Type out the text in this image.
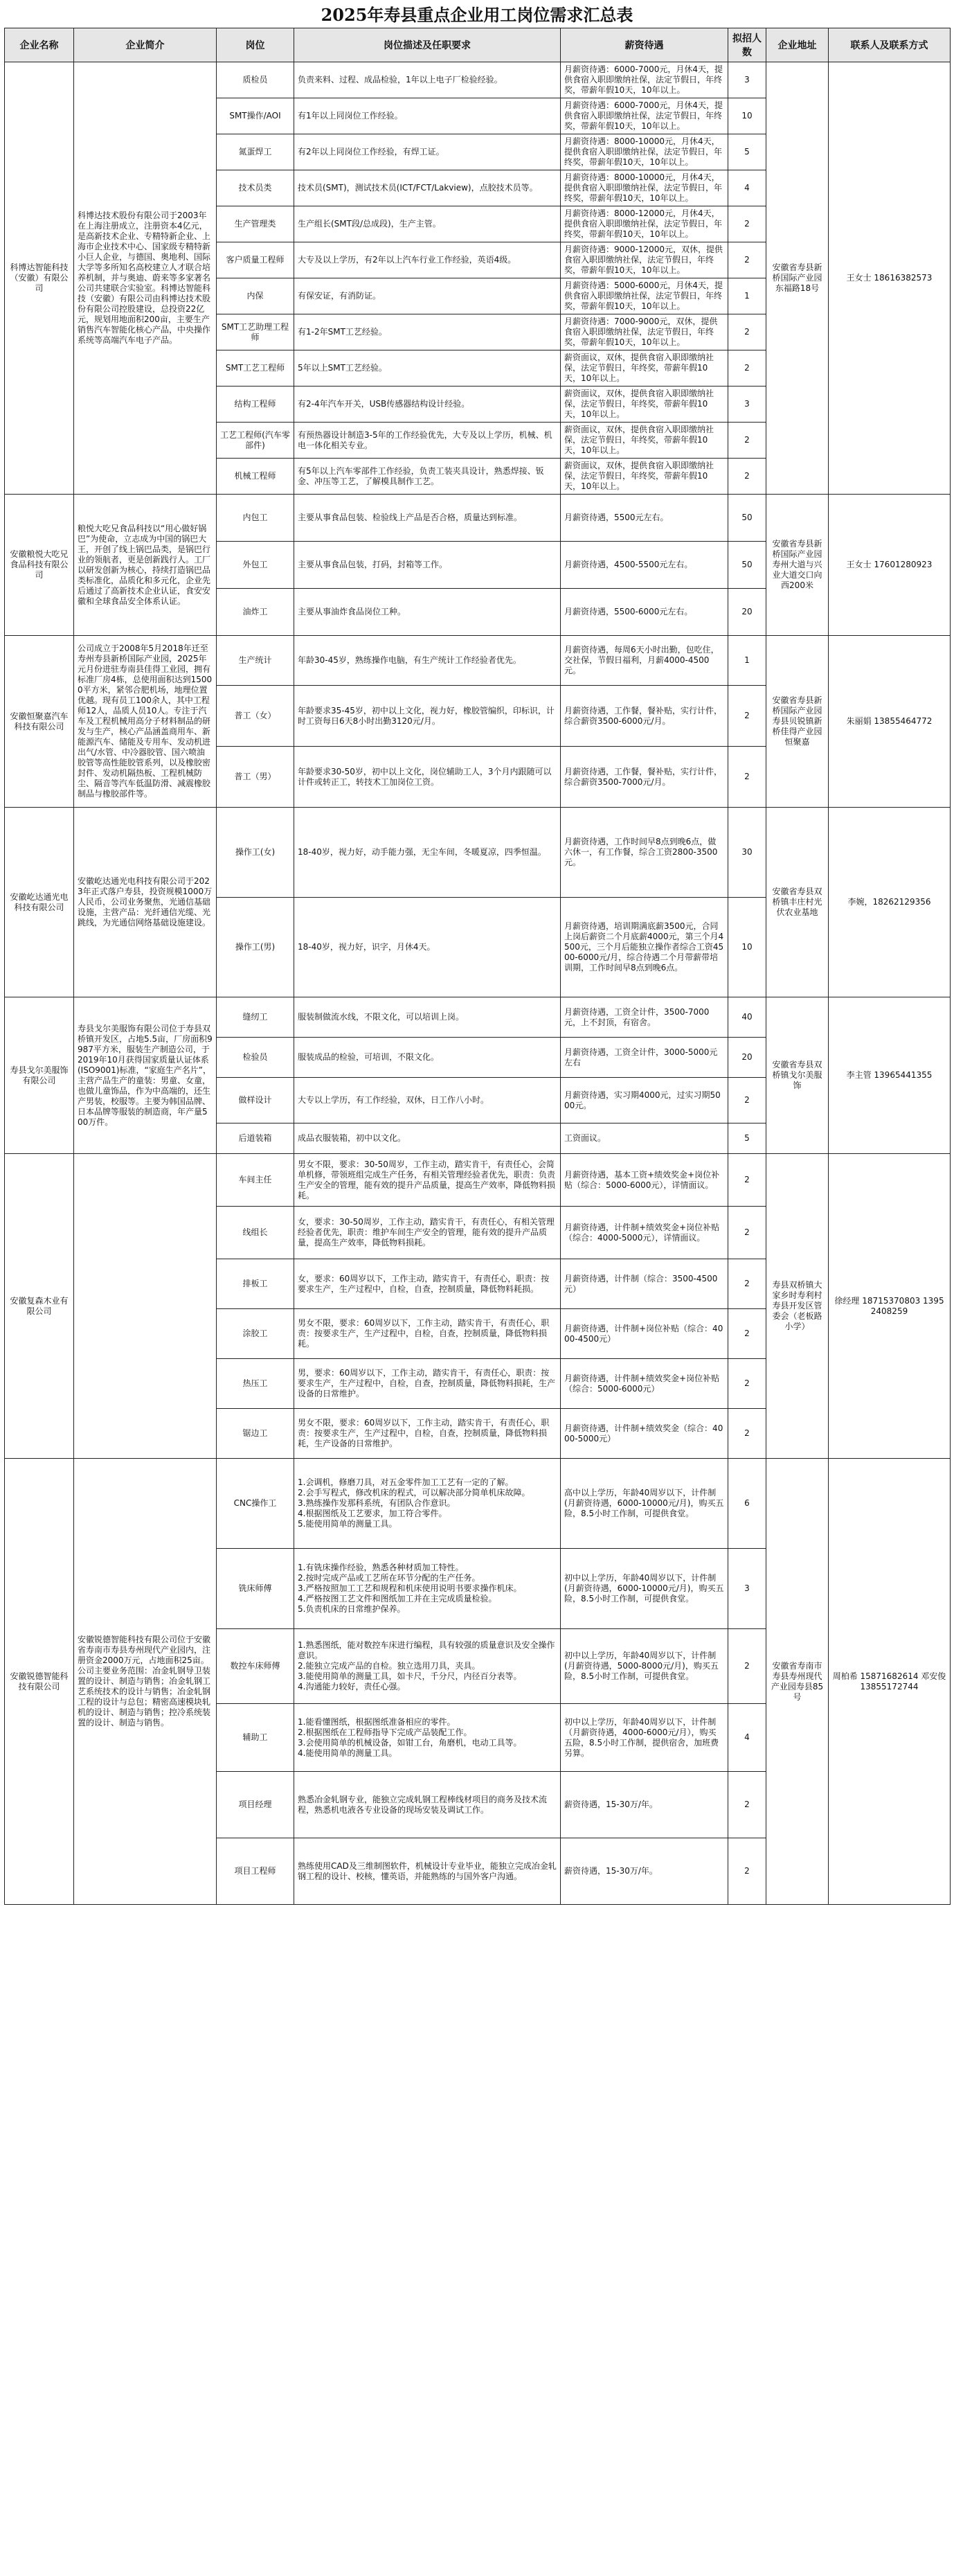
2025年寿县重点企业用工岗位需求汇总表
企业名称	企业简介	岗位	岗位描述及任职要求	薪资待遇	拟招人数	企业地址	联系人及联系方式
科博达智能科技（安徽）有限公司	科博达技术股份有限公司于2003年在上海注册成立，注册资本4亿元，是高新技术企业、专精特新企业、上海市企业技术中心、国家级专精特新小巨人企业，与德国、奥地利、国际大学等多所知名高校建立人才联合培养机制，并与奥迪、蔚来等多家著名公司共建联合实验室。科博达智能科技（安徽）有限公司由科博达技术股份有限公司控股建设，总投资22亿元，规划用地面积200亩，主要生产销售汽车智能化核心产品，中央操作系统等高端汽车电子产品。	质检员	负责来料、过程、成品检验，1年以上电子厂检验经验。	月薪资待遇：6000-7000元，月休4天，提供食宿入职即缴纳社保，法定节假日，年终奖，带薪年假10天，10年以上。	3	安徽省寿县新桥国际产业园东福路18号	王女士 18616382573
		SMT操作/AOI	有1年以上同岗位工作经验。	月薪资待遇：6000-7000元，月休4天，提供食宿入职即缴纳社保，法定节假日，年终奖，带薪年假10天，10年以上。	10		
		氮蛋焊工	有2年以上同岗位工作经验，有焊工证。	月薪资待遇：8000-10000元，月休4天，提供食宿入职即缴纳社保，法定节假日，年终奖，带薪年假10天，10年以上。	5		
		技术员类	技术员(SMT)，测试技术员(ICT/FCT/Lakview)，点胶技术员等。	月薪资待遇：8000-10000元，月休4天，提供食宿入职即缴纳社保，法定节假日，年终奖，带薪年假10天，10年以上。	4		
		生产管理类	生产组长(SMT段/总成段)，生产主管。	月薪资待遇：8000-12000元，月休4天，提供食宿入职即缴纳社保，法定节假日，年终奖，带薪年假10天，10年以上。	2		
		客户质量工程师	大专及以上学历，有2年以上汽车行业工作经验，英语4级。	月薪资待遇：9000-12000元，双休，提供食宿入职即缴纳社保，法定节假日，年终奖，带薪年假10天，10年以上。	2		
		内保	有保安证，有消防证。	月薪资待遇：5000-6000元，月休4天，提供食宿入职即缴纳社保，法定节假日，年终奖，带薪年假10天，10年以上。	1		
		SMT工艺助理工程师	有1-2年SMT工艺经验。	月薪资待遇：7000-9000元，双休，提供食宿入职即缴纳社保，法定节假日，年终奖，带薪年假10天，10年以上。	2		
		SMT工艺工程师	5年以上SMT工艺经验。	薪资面议，双休，提供食宿入职即缴纳社保，法定节假日，年终奖，带薪年假10天，10年以上。	2		
		结构工程师	有2-4年汽车开关，USB传感器结构设计经验。	薪资面议，双休，提供食宿入职即缴纳社保，法定节假日，年终奖，带薪年假10天，10年以上。	3		
		工艺工程师(汽车零部件)	有预热器设计制造3-5年的工作经验优先，大专及以上学历，机械、机电一体化相关专业。	薪资面议，双休，提供食宿入职即缴纳社保，法定节假日，年终奖，带薪年假10天，10年以上。	2		
		机械工程师	有5年以上汽车零部件工作经验，负责工装夹具设计，熟悉焊接、钣金、冲压等工艺，了解模具制作工艺。	薪资面议，双休，提供食宿入职即缴纳社保，法定节假日，年终奖，带薪年假10天，10年以上。	2		
安徽粮悦大吃兄食品科技有限公司	粮悦大吃兄食品科技以“用心做好锅巴”为使命，立志成为中国的锅巴大王，开创了线上锅巴品类，是锅巴行业的领航者，更是创新践行人。工厂以研发创新为核心，持续打造锅巴品类标准化，品质化和多元化，企业先后通过了高新技术企业认证，食安安徽和全球食品安全体系认证。	内包工	主要从事食品包装、检验线上产品是否合格，质量达到标准。	月薪资待遇，5500元左右。	50	安徽省寿县新桥国际产业园寿州大道与兴业大道交口向西200米	王女士 17601280923
		外包工	主要从事食品包装，打码，封箱等工作。	月薪资待遇，4500-5500元左右。	50		
		油炸工	主要从事油炸食品岗位工种。	月薪资待遇，5500-6000元左右。	20		
安徽恒聚嘉汽车科技有限公司	公司成立于2008年5月2018年迁至寿州寿县新桥国际产业园，2025年元月份进驻寿南县佳得工业园，拥有标准厂房4栋，总使用面积达到15000平方米，紧邻合肥机场，地理位置优越。现有员工100余人，其中工程师12人，品质人员10人。专注于汽车及工程机械用高分子材料制品的研发与生产，核心产品涵盖商用车、新能源汽车、储能及专用车、发动机进出气/水管、中冷器胶管、国六喷油胶管等高性能胶管系列，以及橡胶密封件、发动机隔热板、工程机械防尘、隔音等汽车低温防滑、减震橡胶制品与橡胶部件等。	生产统计	年龄30-45岁，熟练操作电脑，有生产统计工作经验者优先。	月薪资待遇，每周6天小时出勤，包吃住，交社保，节假日福利，月薪4000-4500元。	1	安徽省寿县新桥国际产业园寿县贝锐镇新桥佳得产业园恒聚嘉	朱丽娟 13855464772
		普工（女）	年龄要求35-45岁，初中以上文化，视力好，橡胶管编织，印标识，计时工资每日6天8小时出勤3120元/月。	月薪资待遇，工作餐，餐补贴，实行计件，综合薪资3500-6000元/月。	2		
		普工（男）	年龄要求30-50岁，初中以上文化，岗位辅助工人，3个月内跟随可以计件或转正工，转技术工加岗位工资。	月薪资待遇，工作餐，餐补贴，实行计件，综合薪资3500-7000元/月。	2		
安徽屹达通光电科技有限公司	安徽屹达通光电科技有限公司于2023年正式落户寿县，投资规模1000万人民币，公司业务聚焦，光通信基础设施，主营产品：光纤通信光缆、光跳线，为光通信网络基础设施建设。	操作工(女)	18-40岁，视力好，动手能力强，无尘车间，冬暖夏凉，四季恒温。	月薪资待遇，工作时间早8点到晚6点，做六休一，有工作餐，综合工资2800-3500元。	30	安徽省寿县双桥镇丰庄村光伏农业基地	李婉，18262129356
		操作工(男)	18-40岁，视力好，识字，月休4天。	月薪资待遇，培训期满底薪3500元，合同上岗后薪资二个月底薪4000元，第三个月4500元，三个月后能独立操作者综合工资4500-6000元/月，综合待遇二个月带薪带培训期，工作时间早8点到晚6点。	10		
寿县戈尔美服饰有限公司	寿县戈尔美服饰有限公司位于寿县双桥镇开发区，占地5.5亩，厂房面积9987平方米，服装生产制造公司，于2019年10月获得国家质量认证体系(ISO9001)标准，“家庭生产名片”，主营产品生产的童装：男童、女童，也做儿童饰品，作为中高端的，还生产男装，校服等。主要为韩国品牌、日本品牌等服装的制造商，年产量500万件。	缝纫工	服装制做流水线，不限文化，可以培训上岗。	月薪资待遇，工资全计件，3500-7000元，上不封顶，有宿舍。	40	安徽省寿县双桥镇戈尔美服饰	李主管 13965441355
		检验员	服装成品的检验，可培训，不限文化。	月薪资待遇，工资全计件，3000-5000元左右	20		
		做样设计	大专以上学历，有工作经验，双休，日工作八小时。	月薪资待遇，实习期4000元，过实习期5000元。	2		
		后道装箱	成品衣服装箱，初中以文化。	工资面议。	5		
安徽复森木业有限公司		车间主任	男女不限，要求：30-50周岁，工作主动，踏实肯干，有责任心，会简单机修，带领班组完成生产任务，有相关管理经验者优先，职责：负责生产安全的管理，能有效的提升产品质量，提高生产效率，降低物料损耗。	月薪资待遇，基本工资+绩效奖金+岗位补贴（综合：5000-6000元），详情面议。	2	寿县双桥镇大家乡时寿利村寿县开发区管委会（老板路小学）	徐经理 18715370803 13952408259
		线组长	女，要求：30-50周岁，工作主动，踏实肯干，有责任心，有相关管理经验者优先，职责：维护车间生产安全的管理，能有效的提升产品质量，提高生产效率，降低物料损耗。	月薪资待遇，计件制+绩效奖金+岗位补贴（综合：4000-5000元），详情面议。	2		
		排板工	女，要求：60周岁以下，工作主动，踏实肯干，有责任心，职责：按要求生产，生产过程中，自检，自查，控制质量，降低物料耗损。	月薪资待遇，计件制（综合：3500-4500元）	2		
		涂胶工	男女不限，要求：60周岁以下，工作主动，踏实肯干，有责任心，职责：按要求生产，生产过程中，自检，自查，控制质量，降低物料损耗。	月薪资待遇，计件制+岗位补贴（综合：4000-4500元）	2		
		热压工	男，要求：60周岁以下，工作主动，踏实肯干，有责任心，职责：按要求生产，生产过程中，自检，自查，控制质量，降低物料损耗，生产设备的日常维护。	月薪资待遇，计件制+绩效奖金+岗位补贴（综合：5000-6000元）	2		
		锯边工	男女不限，要求：60周岁以下，工作主动，踏实肯干，有责任心，职责：按要求生产，生产过程中，自检，自查，控制质量，降低物料损耗，生产设备的日常维护。	月薪资待遇，计件制+绩效奖金（综合：4000-5000元）	2		
安徽锐德智能科技有限公司	安徽锐德智能科技有限公司位于安徽省寿南市寿县寿州现代产业园内，注册资金2000万元，占地面积25亩。公司主要业务范围：冶金轧钢导卫装置的设计、制造与销售；冶金轧钢工艺系统技术的设计与销售；冶金轧钢工程的设计与总包；精密高速模块轧机的设计、制造与销售；控冷系统装置的设计、制造与销售。	CNC操作工	1.会调机，修磨刀具，对五金零件加工工艺有一定的了解。
2.会手写程式，修改机床的程式，可以解决部分简单机床故障。
3.熟练操作发那科系统，有团队合作意识。
4.根据图纸及工艺要求，加工符合零件。
5.能使用简单的测量工具。	高中以上学历，年龄40周岁以下，计件制(月薪资待遇，6000-10000元/月)，购买五险，8.5小时工作制，可提供食堂。	6	安徽省寿南市寿县寿州现代产业园寿县85号	周柏希 15871682614 邓安俊 13855172744
		铣床师傅	1.有铣床操作经验，熟悉各种材质加工特性。
2.按时完成产品或工艺所在环节分配的生产任务。
3.严格按照加工工艺和规程和机床使用说明书要求操作机床。
4.严格按图工艺文件和图纸加工并在主完成质量检验。
5.负责机床的日常维护保养。	初中以上学历，年龄40周岁以下，计件制(月薪资待遇，6000-10000元/月)，购买五险，8.5小时工作制，可提供食堂。	3		
		数控车床师傅	1.熟悉图纸，能对数控车床进行编程，具有较强的质量意识及安全操作意识。
2.能独立完成产品的自检。独立选用刀具，夹具。
3.能使用简单的测量工具，如卡尺，千分尺，内径百分表等。
4.沟通能力较好，责任心强。	初中以上学历，年龄40周岁以下，计件制(月薪资待遇，5000-8000元/月)，购买五险，8.5小时工作制，可提供食堂。	2		
		辅助工	1.能看懂图纸，根据图纸准备相应的零件。
2.根据图纸在工程师指导下完成产品装配工作。
3.会使用简单的机械设备，如钳工台，角磨机，电动工具等。
4.能使用简单的测量工具。	初中以上学历，年龄40周岁以下，计件制（月薪资待遇，4000-6000元/月），购买五险，8.5小时工作制，提供宿舍，加班费另算。	4		
		项目经理	熟悉冶金轧钢专业，能独立完成轧钢工程棒线材项目的商务及技术流程，熟悉机电液各专业设备的现场安装及调试工作。	薪资待遇，15-30万/年。	2		
		项目工程师	熟练使用CAD及三维制图软件，机械设计专业毕业，能独立完成冶金轧钢工程的设计、校核，懂英语，并能熟练的与国外客户沟通。	薪资待遇，15-30万/年。	2		
